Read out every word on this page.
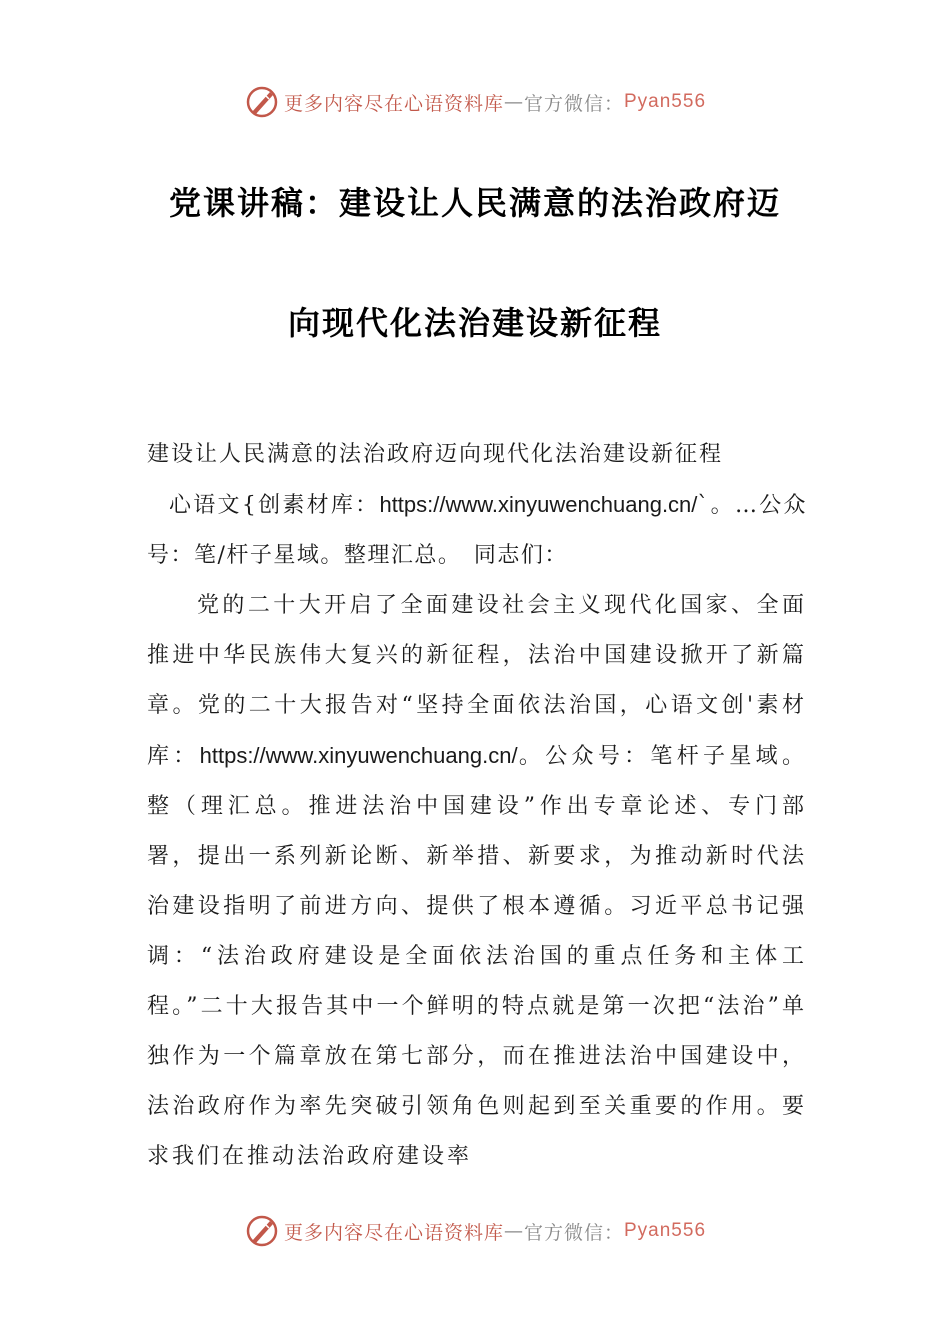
更多内容尽在心语资料库 — 官方微信： Pyan556
党课讲稿：建设让人民满意的法治政府迈
向现代化法治建设新征程

建设让人民满意的法治政府迈向现代化法治建设新征程

心语文{创素材库：https://www.xinyuwenchuang.cn/`。…公众号：笔/杆子星域。整理汇总。　同志们：

党的二十大开启了全面建设社会主义现代化国家、全面推进中华民族伟大复兴的新征程，法治中国建设掀开了新篇章。党的二十大报告对“坚持全面依法治国，心语文创'素材库：https://www.xinyuwenchuang.cn/。公众号：笔杆子星域。整（理汇总。推进法治中国建设”作出专章论述、专门部署，提出一系列新论断、新举措、新要求，为推动新时代法治建设指明了前进方向、提供了根本遵循。习近平总书记强调：“法治政府建设是全面依法治国的重点任务和主体工程。”二十大报告其中一个鲜明的特点就是第一次把“法治”单独作为一个篇章放在第七部分，而在推进法治中国建设中，法治政府作为率先突破引领角色则起到至关重要的作用。要求我们在推动法治政府建设率

更多内容尽在心语资料库 — 官方微信： Pyan556
